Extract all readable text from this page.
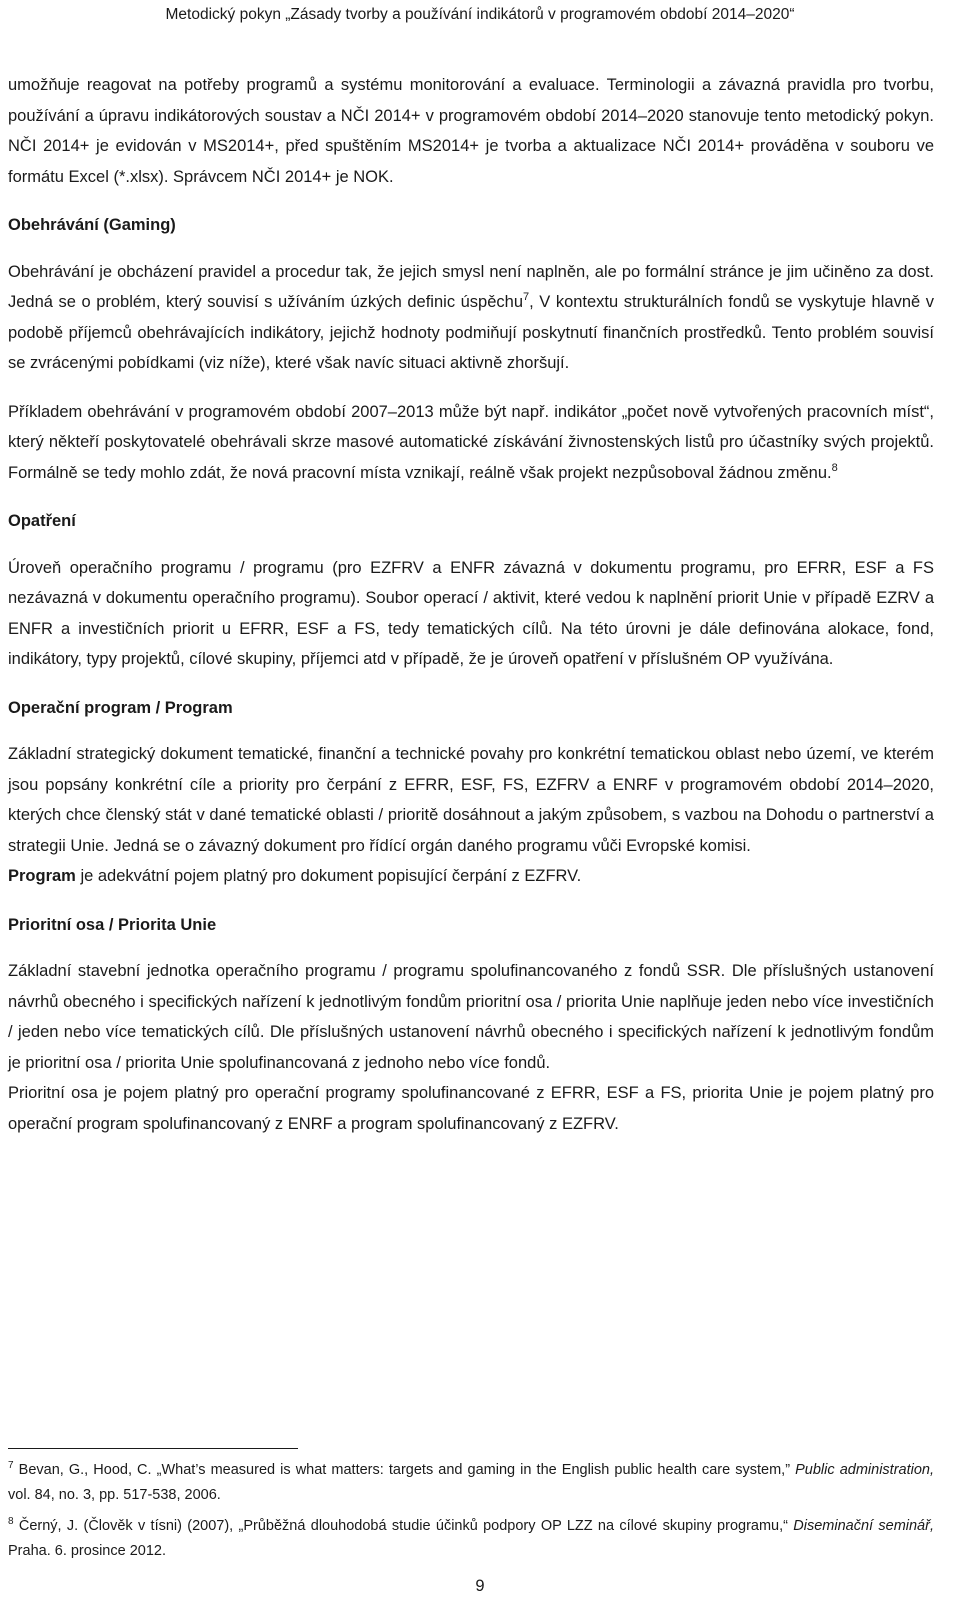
Metodický pokyn „Zásady tvorby a používání indikátorů v programovém období 2014–2020“

umožňuje reagovat na potřeby programů a systému monitorování a evaluace. Terminologii a závazná pravidla pro tvorbu, používání a úpravu indikátorových soustav a NČI 2014+ v programovém období 2014–2020 stanovuje tento metodický pokyn. NČI 2014+ je evidován v MS2014+, před spuštěním MS2014+ je tvorba a aktualizace NČI 2014+ prováděna v souboru ve formátu Excel (*.xlsx). Správcem NČI 2014+ je NOK.

Obehrávání (Gaming)

Obehrávání je obcházení pravidel a procedur tak, že jejich smysl není naplněn, ale po formální stránce je jim učiněno za dost. Jedná se o problém, který souvisí s užíváním úzkých definic úspěchu$^7$, V kontextu strukturálních fondů se vyskytuje hlavně v podobě příjemců obehrávajících indikátory, jejichž hodnoty podmiňují poskytnutí finančních prostředků. Tento problém souvisí se zvrácenými pobídkami (viz níže), které však navíc situaci aktivně zhoršují.

Příkladem obehrávání v programovém období 2007–2013 může být např. indikátor „počet nově vytvořených pracovních míst“, který někteří poskytovatelé obehrávali skrze masové automatické získávání živnostenských listů pro účastníky svých projektů. Formálně se tedy mohlo zdát, že nová pracovní místa vznikají, reálně však projekt nezpůsoboval žádnou změnu.$^8$

Opatření

Úroveň operačního programu / programu (pro EZFRV a ENFR závazná v dokumentu programu, pro EFRR, ESF a FS nezávazná v dokumentu operačního programu). Soubor operací / aktivit, které vedou k naplnění priorit Unie v případě EZRV a ENFR a investičních priorit u EFRR, ESF a FS, tedy tematických cílů. Na této úrovni je dále definována alokace, fond, indikátory, typy projektů, cílové skupiny, příjemci atd v případě, že je úroveň opatření v příslušném OP využívána.

Operační program / Program

Základní strategický dokument tematické, finanční a technické povahy pro konkrétní tematickou oblast nebo území, ve kterém jsou popsány konkrétní cíle a priority pro čerpání z EFRR, ESF, FS, EZFRV a ENRF v programovém období 2014–2020, kterých chce členský stát v dané tematické oblasti / prioritě dosáhnout a jakým způsobem, s vazbou na Dohodu o partnerství a strategii Unie. Jedná se o závazný dokument pro řídící orgán daného programu vůči Evropské komisi.

Program je adekvátní pojem platný pro dokument popisující čerpání z EZFRV.

Prioritní osa / Priorita Unie

Základní stavební jednotka operačního programu / programu spolufinancovaného z fondů SSR. Dle příslušných ustanovení návrhů obecného i specifických nařízení k jednotlivým fondům prioritní osa / priorita Unie naplňuje jeden nebo více investičních / jeden nebo více tematických cílů. Dle příslušných ustanovení návrhů obecného i specifických nařízení k jednotlivým fondům je prioritní osa / priorita Unie spolufinancovaná z jednoho nebo více fondů.

Prioritní osa je pojem platný pro operační programy spolufinancované z EFRR, ESF a FS, priorita Unie je pojem platný pro operační program spolufinancovaný z ENRF a program spolufinancovaný z EZFRV.

$^7$ Bevan, G., Hood, C. „What’s measured is what matters: targets and gaming in the English public health care system,” Public administration, vol. 84, no. 3, pp. 517-538, 2006.

$^8$ Černý, J. (Člověk v tísni) (2007), „Průběžná dlouhodobá studie účinků podpory OP LZZ na cílové skupiny programu,“ Diseminační seminář, Praha. 6. prosince 2012.

9
